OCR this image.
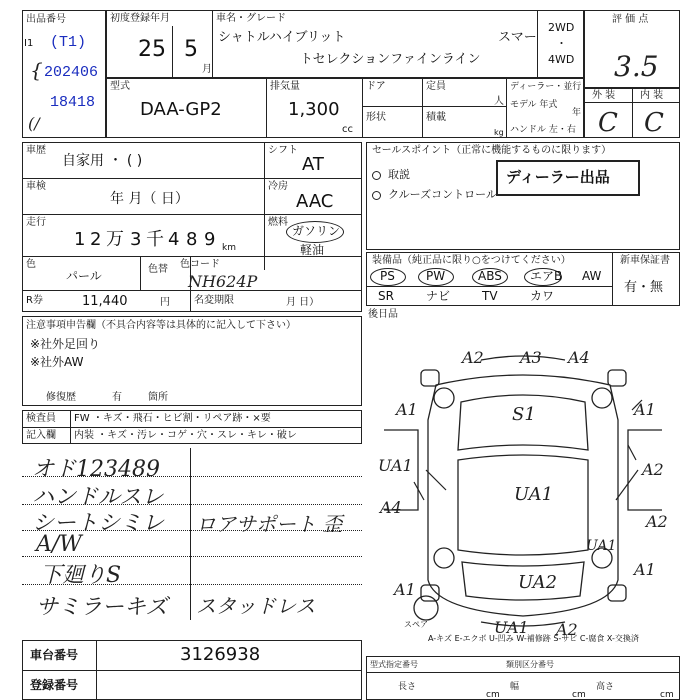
出品番号
I1 (T1)
202406
18418
{
(/
初度登録年月
25 5
月
車名・グレード
シャトルハイブリット	スマー
トセレクションファインライン
2WD
・
4WD
評 価 点
3.5
型式
DAA-GP2
排気量
1,300
cc
ドア	定員
人
形状	積載
kg
ディーラー・並行
モデル 年式
年
ハンドル 左・右
外 装 内 装
C C
車歴
自家用 ・ ( )
シフト
AT
車検
年 月（ 日）
冷房
AAC
走行
1 2 万 3 千 4 8 9 km
燃料
ガソリン
軽油
色
パール	色替 色コード
NH624P
R券	11,440	円 名変期限	月 日）
セールスポイント（正常に機能するものに限ります）
取説
クルーズコントロール
ディーラー出品
装備品（純正品に限り○をつけてください）	新車保証書
有・無
PS	PW	ABS エアB AW
SR	ナビ	TV	カワ
後日品
注意事項申告欄（不具合内容等は具体的に記入して下さい）
※社外足回り
※社外AW
修復歴	有	箇所
検査員
記入欄
FW ・キズ・飛石・ヒビ割・リペア跡・×要
内装 ・キズ・汚レ・コゲ・穴・スレ・キレ・破レ
オド123489
ハンドルスレ
シートシミレ
A/W
下廻りS
サミラーキズ
ロアサポート 歪
スタッドレス
A2 A3 A4
A1	S1	A1
UA1	A2
A4
UA1
A2
A1
UA2
A1
UA1 A2
UA1
スペア
A-キズ E-エクボ U-凹み W-補修跡 S-サビ C-腐食 X-交換済
車台番号	3126938
登録番号
型式指定番号	類別区分番号
長さ
cm
幅
cm
高さ
cm
